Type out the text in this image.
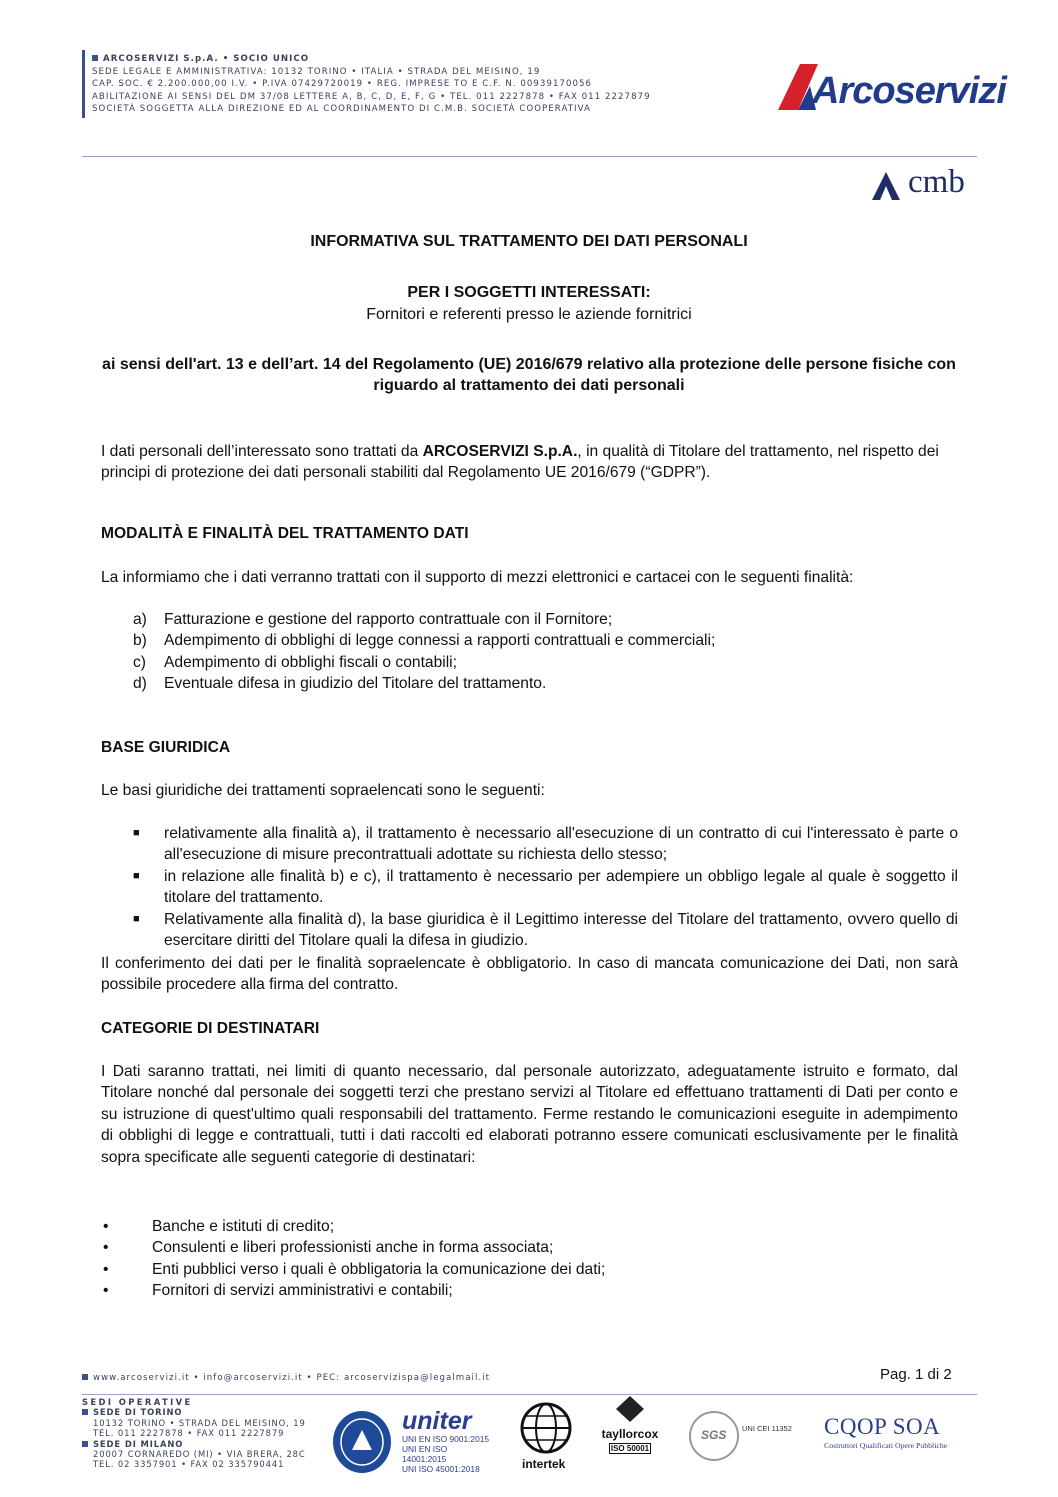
ARCOSERVIZI S.p.A. • SOCIO UNICO
SEDE LEGALE E AMMINISTRATIVA: 10132 TORINO • ITALIA • STRADA DEL MEISINO, 19
CAP. SOC. € 2.200.000,00 I.V. • P.IVA 07429720019 • REG. IMPRESE TO E C.F. N. 00939170056
ABILITAZIONE AI SENSI DEL DM 37/08 LETTERE A, B, C, D, E, F, G • TEL. 011 2227878 • FAX 011 2227879
SOCIETÀ SOGGETTA ALLA DIREZIONE ED AL COORDINAMENTO DI C.M.B. SOCIETÀ COOPERATIVA	Arcoservizi
cmb
INFORMATIVA SUL TRATTAMENTO DEI DATI PERSONALI
PER I SOGGETTI INTERESSATI:
Fornitori e referenti presso le aziende fornitrici
ai sensi dell'art. 13 e dell’art. 14 del Regolamento (UE) 2016/679 relativo alla protezione delle persone fisiche con riguardo al trattamento dei dati personali
I dati personali dell’interessato sono trattati da ARCOSERVIZI S.p.A., in qualità di Titolare del trattamento, nel rispetto dei principi di protezione dei dati personali stabiliti dal Regolamento UE 2016/679 (“GDPR”).
MODALITÀ E FINALITÀ DEL TRATTAMENTO DATI
La informiamo che i dati verranno trattati con il supporto di mezzi elettronici e cartacei con le seguenti finalità:
a) Fatturazione e gestione del rapporto contrattuale con il Fornitore;
b) Adempimento di obblighi di legge connessi a rapporti contrattuali e commerciali;
c) Adempimento di obblighi fiscali o contabili;
d) Eventuale difesa in giudizio del Titolare del trattamento.
BASE GIURIDICA
Le basi giuridiche dei trattamenti sopraelencati sono le seguenti:
■ relativamente alla finalità a), il trattamento è necessario all'esecuzione di un contratto di cui l'interessato è parte o all'esecuzione di misure precontrattuali adottate su richiesta dello stesso;
■ in relazione alle finalità b) e c), il trattamento è necessario per adempiere un obbligo legale al quale è soggetto il titolare del trattamento.
■ Relativamente alla finalità d), la base giuridica è il Legittimo interesse del Titolare del trattamento, ovvero quello di esercitare diritti del Titolare quali la difesa in giudizio.
Il conferimento dei dati per le finalità sopraelencate è obbligatorio. In caso di mancata comunicazione dei Dati, non sarà possibile procedere alla firma del contratto.
CATEGORIE DI DESTINATARI
I Dati saranno trattati, nei limiti di quanto necessario, dal personale autorizzato, adeguatamente istruito e formato, dal Titolare nonché dal personale dei soggetti terzi che prestano servizi al Titolare ed effettuano trattamenti di Dati per conto e su istruzione di quest'ultimo quali responsabili del trattamento. Ferme restando le comunicazioni eseguite in adempimento di obblighi di legge e contrattuali, tutti i dati raccolti ed elaborati potranno essere comunicati esclusivamente per le finalità sopra specificate alle seguenti categorie di destinatari:
•	Banche e istituti di credito;
•	Consulenti e liberi professionisti anche in forma associata;
•	Enti pubblici verso i quali è obbligatoria la comunicazione dei dati;
•	Fornitori di servizi amministrativi e contabili;
www.arcoservizi.it • info@arcoservizi.it • PEC: arcoservizispa@legalmail.it	Pag. 1 di 2
SEDI OPERATIVE
SEDE DI TORINO
10132 TORINO • STRADA DEL MEISINO, 19
TEL. 011 2227878 • FAX 011 2227879
SEDE DI MILANO
20007 CORNAREDO (MI) • VIA BRERA, 28C
TEL. 02 3357901 • FAX 02 335790441
uniter
UNI EN ISO 9001:2015
UNI EN ISO 14001:2015
UNI ISO 45001:2018	intertek
tayllorcox
ISO 50001
SGS UNI CEI 11352 CQOP SOA
Costruttori Qualificati Opere Pubbliche
